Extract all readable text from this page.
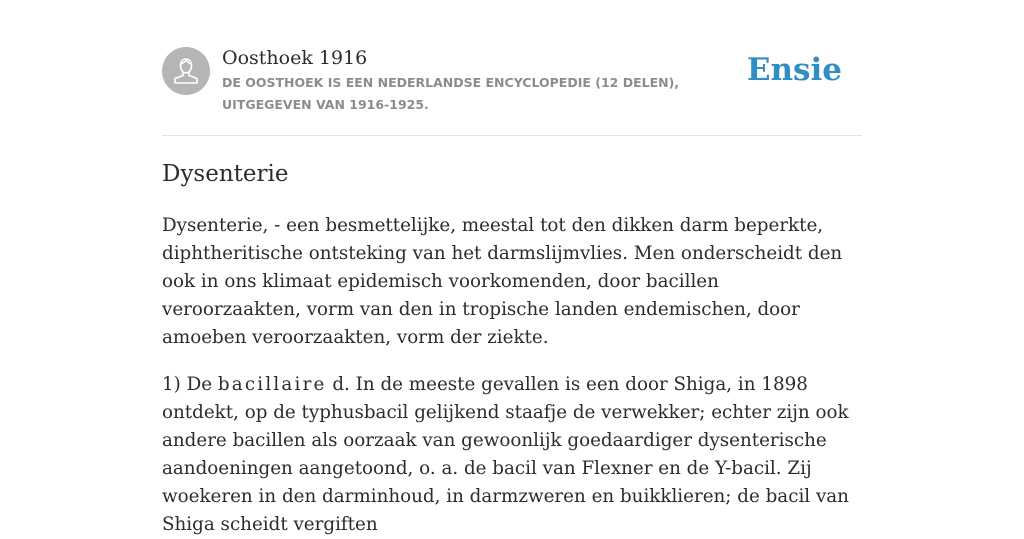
Oosthoek 1916
DE OOSTHOEK IS EEN NEDERLANDSE ENCYCLOPEDIE (12 DELEN), UITGEGEVEN VAN 1916-1925.
Ensie
Dysenterie

Dysenterie, - een besmettelijke, meestal tot den dikken darm beperkte, diphtheritische ontsteking van het darmslijmvlies. Men onderscheidt den ook in ons klimaat epidemisch voorkomenden, door bacillen veroorzaakten, vorm van den in tropische landen endemischen, door amoeben veroorzaakten, vorm der ziekte.

1) De bacillaire d. In de meeste gevallen is een door Shiga, in 1898 ontdekt, op de typhusbacil gelijkend staafje de verwekker; echter zijn ook andere bacillen als oorzaak van gewoonlijk goedaardiger dysenterische aandoeningen aangetoond, o. a. de bacil van Flexner en de Y-bacil. Zij woekeren in den darminhoud, in darmzweren en buikklieren; de bacil van Shiga scheidt vergiften
